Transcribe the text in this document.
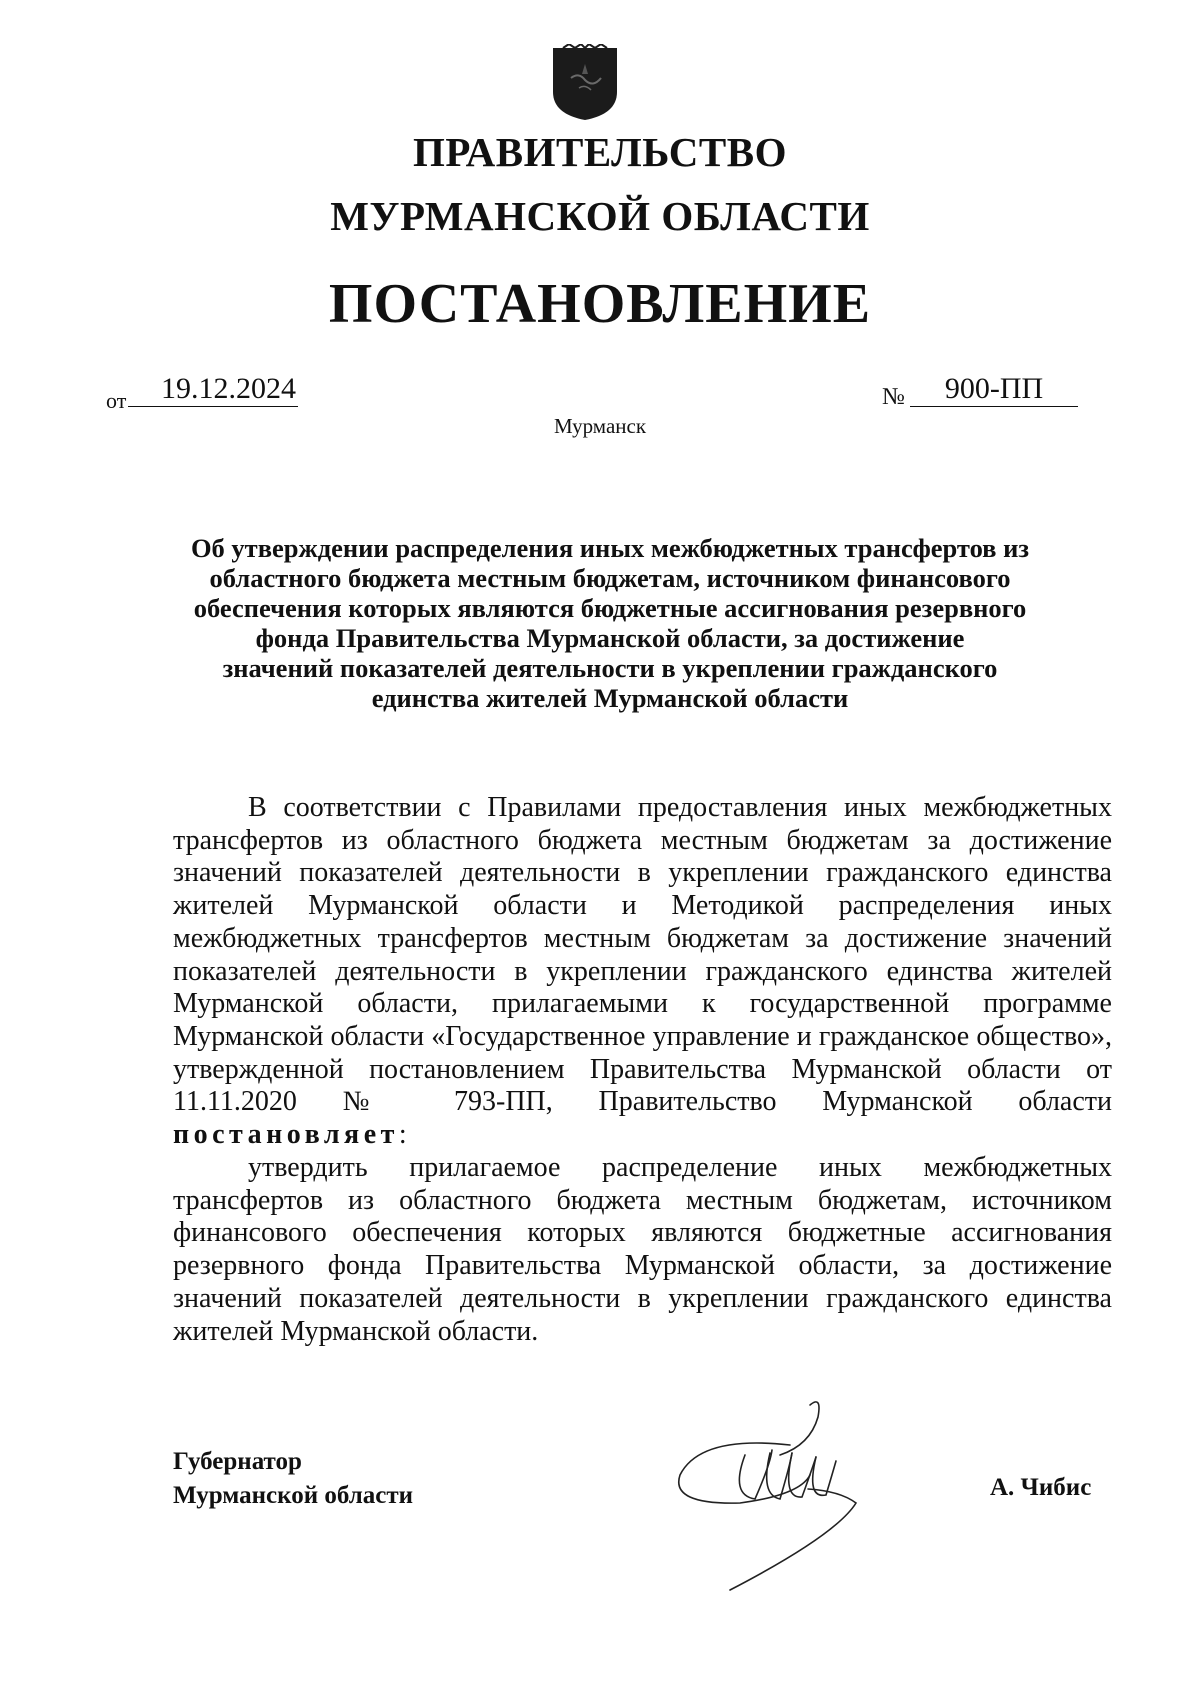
ПРАВИТЕЛЬСТВО
МУРМАНСКОЙ ОБЛАСТИ
ПОСТАНОВЛЕНИЕ
от	19.12.2024	№	900-ПП
Мурманск
Об утверждении распределения иных межбюджетных трансфертов из
областного бюджета местным бюджетам, источником финансового
обеспечения которых являются бюджетные ассигнования резервного
фонда Правительства Мурманской области, за достижение
значений показателей деятельности в укреплении гражданского
единства жителей Мурманской области
В соответствии с Правилами предоставления иных межбюджетных трансфертов из областного бюджета местным бюджетам за достижение значений показателей деятельности в укреплении гражданского единства жителей Мурманской области и Методикой распределения иных межбюджетных трансфертов местным бюджетам за достижение значений показателей деятельности в укреплении гражданского единства жителей Мурманской области, прилагаемыми к государственной программе Мурманской области «Государственное управление и гражданское общество», утвержденной постановлением Правительства Мурманской области от 11.11.2020 № 793-ПП, Правительство Мурманской области постановляет:
утвердить прилагаемое распределение иных межбюджетных трансфертов из областного бюджета местным бюджетам, источником финансового обеспечения которых являются бюджетные ассигнования резервного фонда Правительства Мурманской области, за достижение значений показателей деятельности в укреплении гражданского единства жителей Мурманской области.
Губернатор
Мурманской области	А. Чибис
